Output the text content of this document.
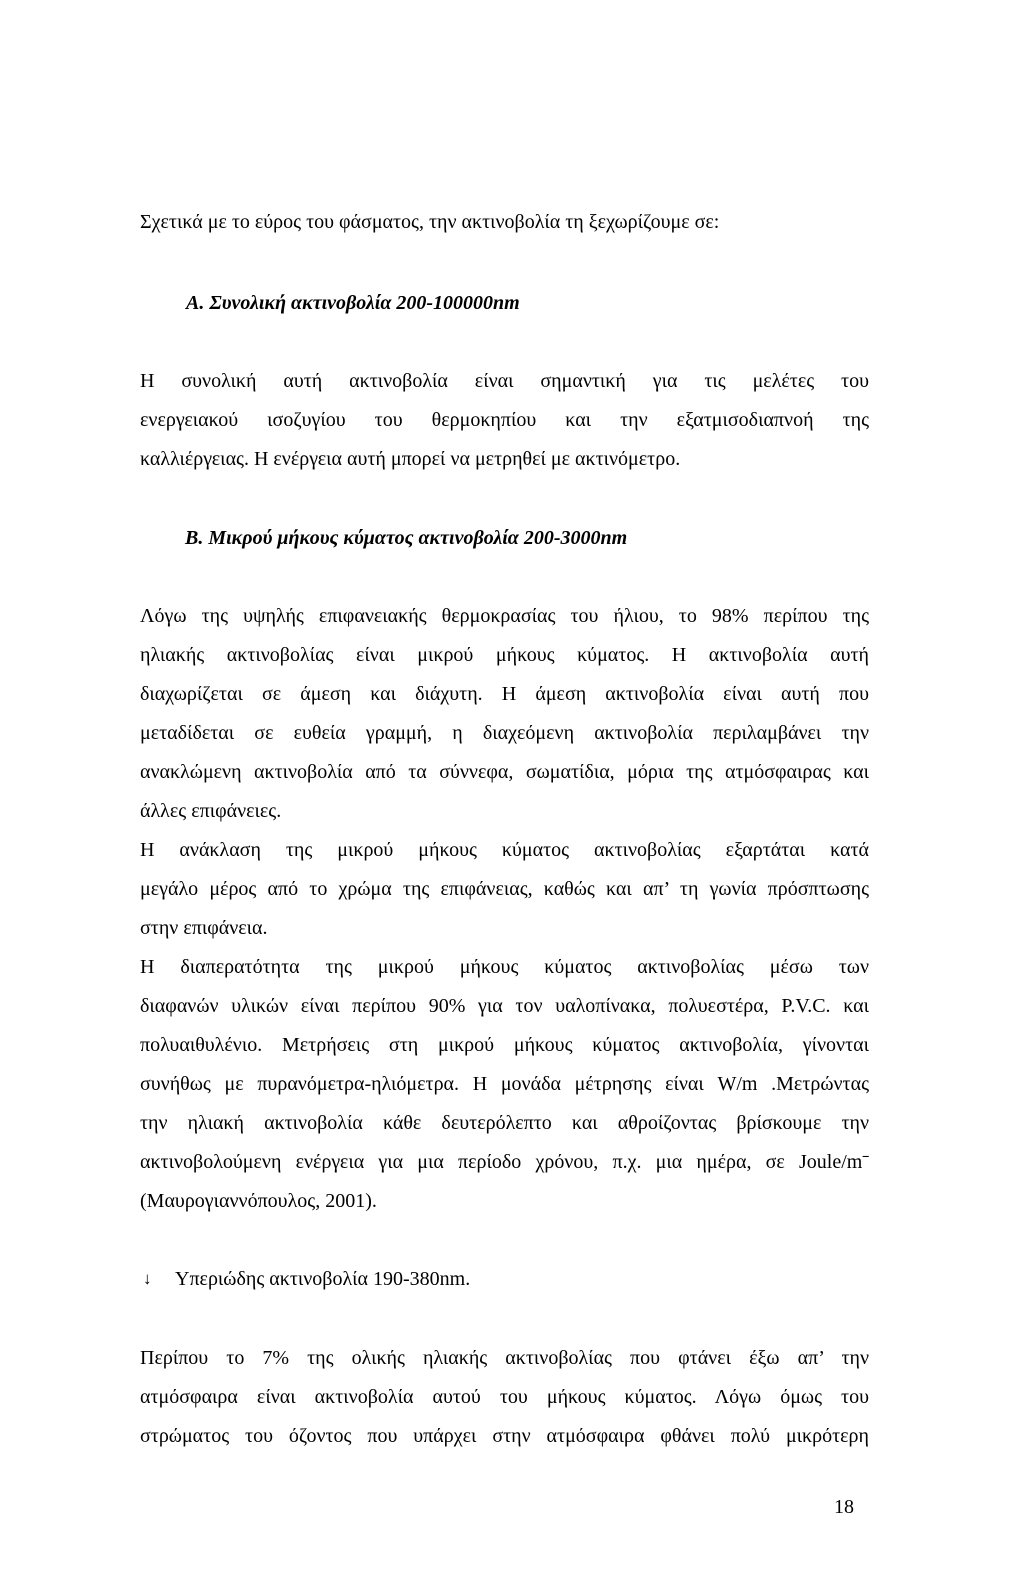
Σχετικά με το εύρος του φάσματος, την ακτινοβολία τη ξεχωρίζουμε σε:
Α. Συνολική ακτινοβολία 200-100000nm
Η συνολική αυτή ακτινοβολία είναι σημαντική για τις μελέτες του
ενεργειακού ισοζυγίου του θερμοκηπίου και την εξατμισοδιαπνοή της
καλλιέργειας. Η ενέργεια αυτή μπορεί να μετρηθεί με ακτινόμετρο.
Β. Μικρού μήκους κύματος ακτινοβολία 200-3000nm
Λόγω της υψηλής επιφανειακής θερμοκρασίας του ήλιου, το 98% περίπου της
ηλιακής ακτινοβολίας είναι μικρού μήκους κύματος. Η ακτινοβολία αυτή
διαχωρίζεται σε άμεση και διάχυτη. Η άμεση ακτινοβολία είναι αυτή που
μεταδίδεται σε ευθεία γραμμή, η διαχεόμενη ακτινοβολία περιλαμβάνει την
ανακλώμενη ακτινοβολία από τα σύννεφα, σωματίδια, μόρια της ατμόσφαιρας και
άλλες επιφάνειες.
Η ανάκλαση της μικρού μήκους κύματος ακτινοβολίας εξαρτάται κατά
μεγάλο μέρος από το χρώμα της επιφάνειας, καθώς και απ’ τη γωνία πρόσπτωσης
στην επιφάνεια.
Η διαπερατότητα της μικρού μήκους κύματος ακτινοβολίας μέσω των
διαφανών υλικών είναι περίπου 90% για τον υαλοπίνακα, πολυεστέρα, P.V.C. και
πολυαιθυλένιο. Μετρήσεις στη μικρού μήκους κύματος ακτινοβολία, γίνονται
συνήθως με πυρανόμετρα-ηλιόμετρα. Η μονάδα μέτρησης είναι W/m .Μετρώντας
την ηλιακή ακτινοβολία κάθε δευτερόλεπτο και αθροίζοντας βρίσκουμε την
ακτινοβολούμενη ενέργεια για μια περίοδο χρόνου, π.χ. μια ημέρα, σε Joule/mˉ
(Μαυρογιαννόπουλος, 2001).
↓ Υπεριώδης ακτινοβολία 190-380nm.
Περίπου το 7% της ολικής ηλιακής ακτινοβολίας που φτάνει έξω απ’ την
ατμόσφαιρα είναι ακτινοβολία αυτού του μήκους κύματος. Λόγω όμως του
στρώματος του όζοντος που υπάρχει στην ατμόσφαιρα φθάνει πολύ μικρότερη
18
